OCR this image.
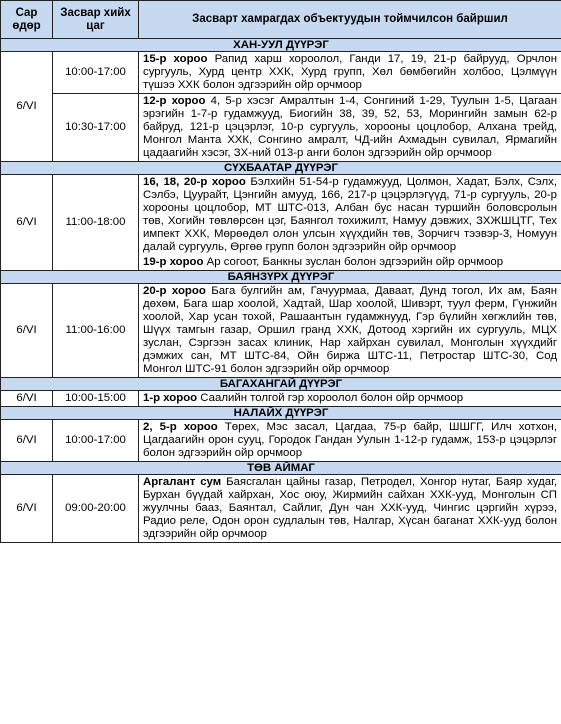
Сар өдөр	Засвар хийх цаг	Засварт хамрагдах объектуудын тоймчилсон байршил
ХАН-УУЛ ДҮҮРЭГ		
6/VI	10:00-17:00	15-р хороо Рапид харш хороолол, Ганди 17, 19, 21-р байрууд, Орчлон сургууль, Хурд центр ХХК, Хурд групп, Хөл бөмбөгийн холбоо, Цэлмүүн түшээ ХХК болон эдгээрийн ойр орчмоор
	10:30-17:00	12-р хороо 4, 5-р хэсэг Амралтын 1-4, Сонгиний 1-29, Туулын 1-5, Цагаан эрэгийн 1-7-р гудамжууд, Биогийн 38, 39, 52, 53, Морингийн замын 62-р байруд, 121-р цэцэрлэг, 10-р сургууль, хорооны цоцлобор, Алхана трейд, Монгол Манта ХХК, Сонгино амралт, ЧД-ийн Ахмадын сувилал, Ярмагийн цадаагийн хэсэг, ЗХ-ний 013-р анги болон эдгээрийн ойр орчмоор
СҮХБААТАР ДҮҮРЭГ		
6/VI	11:00-18:00	16, 18, 20-р хороо Бэлхийн 51-54-р гудамжууд, Цолмон, Хадат, Бэлх, Сэлх, Сэлбэ, Цуурайт, Цэнгийн амууд, 166, 217-р цэцэрлэгүүд, 71-р сургууль, 20-р хорооны цоцлобор, МТ ШТС-013, Албан бус насан туршийн боловсролын төв, Хогийн төвлөрсөн цэг, Баянгол тохижилт, Намуу дэвжих, ЗХЖШЦТГ, Тех импект ХХК, Мөрөөдөл олон улсын хүүхдийн төв, Зорчигч тээвэр-3, Номуун далай сургууль, Өргөө групп болон эдгээрийн ойр орчмоор
19-р хороо Ар согоот, Банкны зуслан болон эдгээрийн ойр орчмоор

БАЯНЗҮРХ ДҮҮРЭГ		
6/VI	11:00-16:00	20-р хороо Бага булгийн ам, Гачуурмаа, Даваат, Дунд тогол, Их ам, Баян дөхөм, Бага шар хоолой, Хадтай, Шар хоолой, Шивэрт, туул ферм, Гүнжийн хоолой, Хар усан тохой, Рашаантын гудамжнууд, Гэр бүлийн хөгжлийн төв, Шүүх тамгын газар, Оршил гранд ХХК, Дотоод хэргийн их сургууль, МЦХ зуслан, Сэргээн засах клиник, Нар хайрхан сувилал, Монголын хүүхдийг дэмжих сан, МТ ШТС-84, Ойн биржа ШТС-11, Петростар ШТС-30, Сод Монгол ШТС-91 болон эдгээрийн ойр орчмоор
БАГАХАНГАЙ ДҮҮРЭГ		
6/VI	10:00-15:00	1-р хороо Саалийн толгой гэр хороолол болон ойр орчмоор
НАЛАЙХ ДҮҮРЭГ		
6/VI	10:00-17:00	2, 5-р хороо Төрех, Мэс засал, Цагдаа, 75-р байр, ШШГГ, Илч хотхон, Цагдаагийн орон сууц, Городок Гандан Уулын 1-12-р гудамж, 153-р цэцэрлэг болон эдгээрийн ойр орчмоор
ТӨВ АЙМАГ		
6/VI	09:00-20:00	Аргалант сум Баясгалан цайны газар, Петродел, Хонгор нутаг, Баяр худаг, Бурхан бүүдай хайрхан, Хос оюу, Жирмийн сайхан ХХК-ууд, Монголын СП жуулчны бааз, Баянтал, Сайлиг, Дун чан ХХК-ууд, Чингис цэргийн хүрээ, Радио реле, Одон орон судлалын төв, Налгар, Хүсан баганат ХХК-ууд болон эдгээрийн ойр орчмоор
